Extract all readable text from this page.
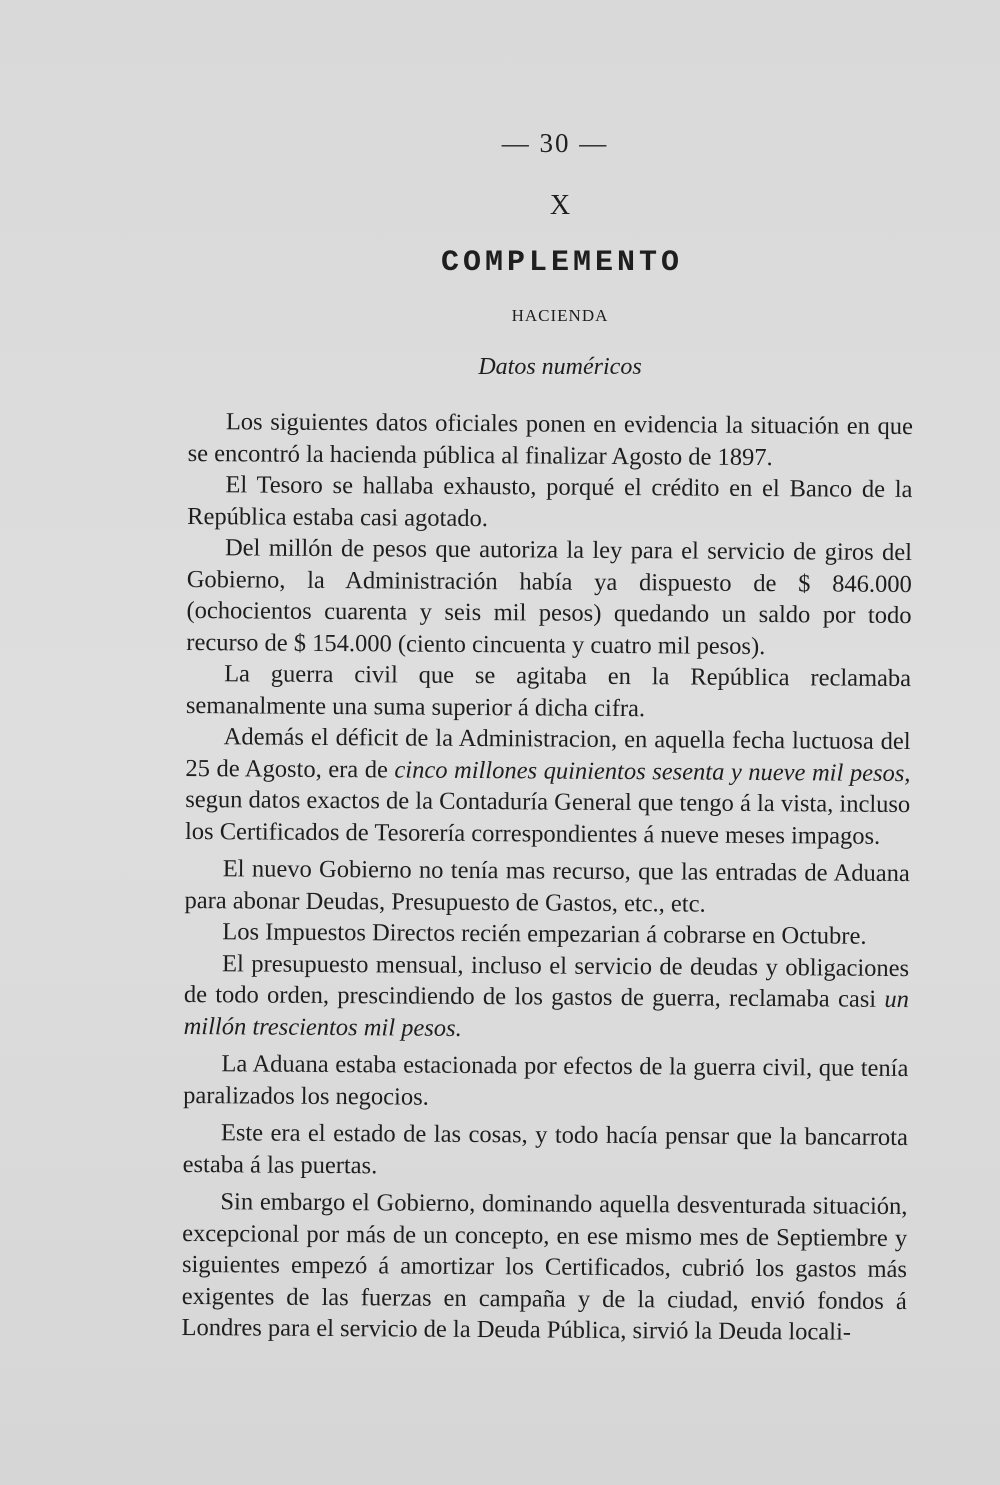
— 30 —
X
COMPLEMENTO
HACIENDA
Datos numéricos

Los siguientes datos oficiales ponen en evidencia la situación en que se encontró la hacienda pública al finalizar Agosto de 1897.

El Tesoro se hallaba exhausto, porqué el crédito en el Banco de la República estaba casi agotado.

Del millón de pesos que autoriza la ley para el servicio de giros del Gobierno, la Administración había ya dispuesto de $ 846.000 (ochocientos cuarenta y seis mil pesos) quedando un saldo por todo recurso de $ 154.000 (ciento cincuenta y cuatro mil pesos).

La guerra civil que se agitaba en la República reclamaba semanalmente una suma superior á dicha cifra.

Además el déficit de la Administracion, en aquella fecha luctuosa del 25 de Agosto, era de cinco millones quinientos sesenta y nueve mil pesos, segun datos exactos de la Contaduría General que tengo á la vista, incluso los Certificados de Tesorería correspondientes á nueve meses impagos.

El nuevo Gobierno no tenía mas recurso, que las entradas de Aduana para abonar Deudas, Presupuesto de Gastos, etc., etc.

Los Impuestos Directos recién empezarian á cobrarse en Octubre.

El presupuesto mensual, incluso el servicio de deudas y obligaciones de todo orden, prescindiendo de los gastos de guerra, reclamaba casi un millón trescientos mil pesos.

La Aduana estaba estacionada por efectos de la guerra civil, que tenía paralizados los negocios.

Este era el estado de las cosas, y todo hacía pensar que la bancarrota estaba á las puertas.

Sin embargo el Gobierno, dominando aquella desventurada situación, excepcional por más de un concepto, en ese mismo mes de Septiembre y siguientes empezó á amortizar los Certificados, cubrió los gastos más exigentes de las fuerzas en campaña y de la ciudad, envió fondos á Londres para el servicio de la Deuda Pública, sirvió la Deuda locali-
